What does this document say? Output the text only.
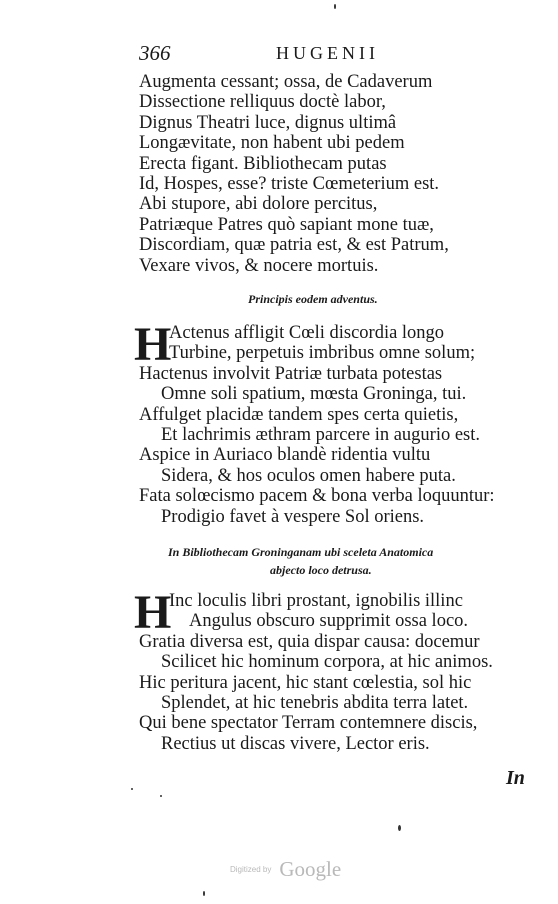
366	HUGENII
Augmenta cessant; ossa, de Cadaverum
Dissectione relliquus doctè labor,
Dignus Theatri luce, dignus ultimâ
Longævitate, non habent ubi pedem
Erecta figant. Bibliothecam putas
Id, Hospes, esse? triste Cœmeterium est.
Abi stupore, abi dolore percitus,
Patriæque Patres quò sapiant mone tuæ,
Discordiam, quæ patria est, & est Patrum,
Vexare vivos, & nocere mortuis.
Principis eodem adventus.
H
Actenus affligit Cœli discordia longo
Turbine, perpetuis imbribus omne solum;
Hactenus involvit Patriæ turbata potestas
Omne soli spatium, mœsta Groninga, tui.
Affulget placidæ tandem spes certa quietis,
Et lachrimis æthram parcere in augurio est.
Aspice in Auriaco blandè ridentia vultu
Sidera, & hos oculos omen habere puta.
Fata solœcismo pacem & bona verba loquuntur:
Prodigio favet à vespere Sol oriens.
In Bibliothecam Groninganam ubi sceleta Anatomica
abjecto loco detrusa.
H
Inc loculis libri prostant, ignobilis illinc
Angulus obscuro supprimit ossa loco.
Gratia diversa est, quia dispar causa: docemur
Scilicet hic hominum corpora, at hic animos.
Hic peritura jacent, hic stant cœlestia, sol hic
Splendet, at hic tenebris abdita terra latet.
Qui bene spectator Terram contemnere discis,
Rectius ut discas vivere, Lector eris.
In
Digitized by Google
